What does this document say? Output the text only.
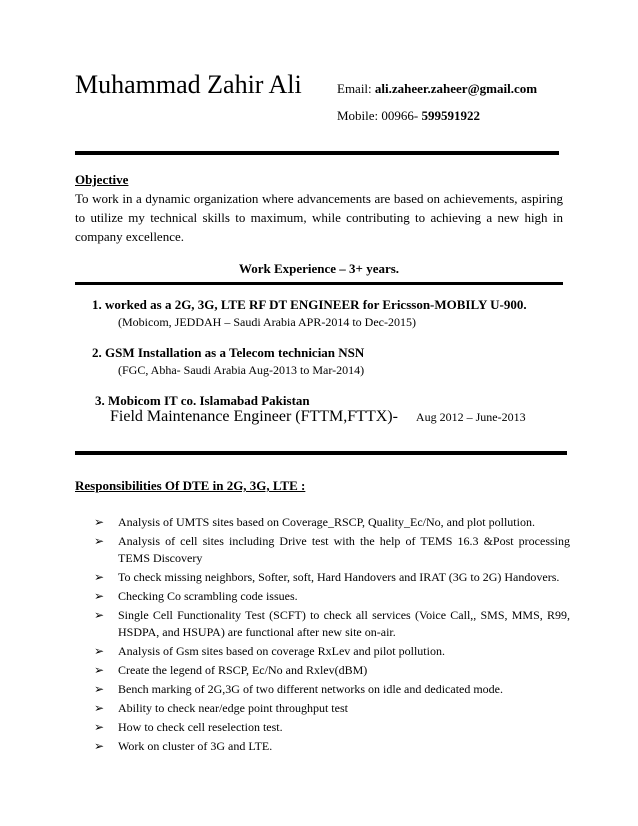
Muhammad Zahir Ali	Email: ali.zaheer.zaheer@gmail.com
Mobile: 00966- 599591922
Objective
To work in a dynamic organization where advancements are based on achievements, aspiring to utilize my technical skills to maximum, while contributing to achieving a new high in company excellence.
Work Experience – 3+ years.
1. worked as a 2G, 3G, LTE RF DT ENGINEER for Ericsson-MOBILY U-900.
(Mobicom, JEDDAH – Saudi Arabia APR-2014 to Dec-2015)
2. GSM Installation as a Telecom technician NSN
(FGC, Abha- Saudi Arabia Aug-2013 to Mar-2014)
3. Mobicom IT co. Islamabad Pakistan
Field Maintenance Engineer (FTTM,FTTX)- Aug 2012 – June-2013
Responsibilities Of DTE in 2G, 3G, LTE :
➢ Analysis of UMTS sites based on Coverage_RSCP, Quality_Ec/No, and plot pollution.
➢ Analysis of cell sites including Drive test with the help of TEMS 16.3 &Post processing TEMS Discovery
➢ To check missing neighbors, Softer, soft, Hard Handovers and IRAT (3G to 2G) Handovers.
➢ Checking Co scrambling code issues.
➢ Single Cell Functionality Test (SCFT) to check all services (Voice Call,, SMS, MMS, R99, HSDPA, and HSUPA) are functional after new site on-air.
➢ Analysis of Gsm sites based on coverage RxLev and pilot pollution.
➢ Create the legend of RSCP, Ec/No and Rxlev(dBM)
➢ Bench marking of 2G,3G of two different networks on idle and dedicated mode.
➢ Ability to check near/edge point throughput test
➢ How to check cell reselection test.
➢ Work on cluster of 3G and LTE.
